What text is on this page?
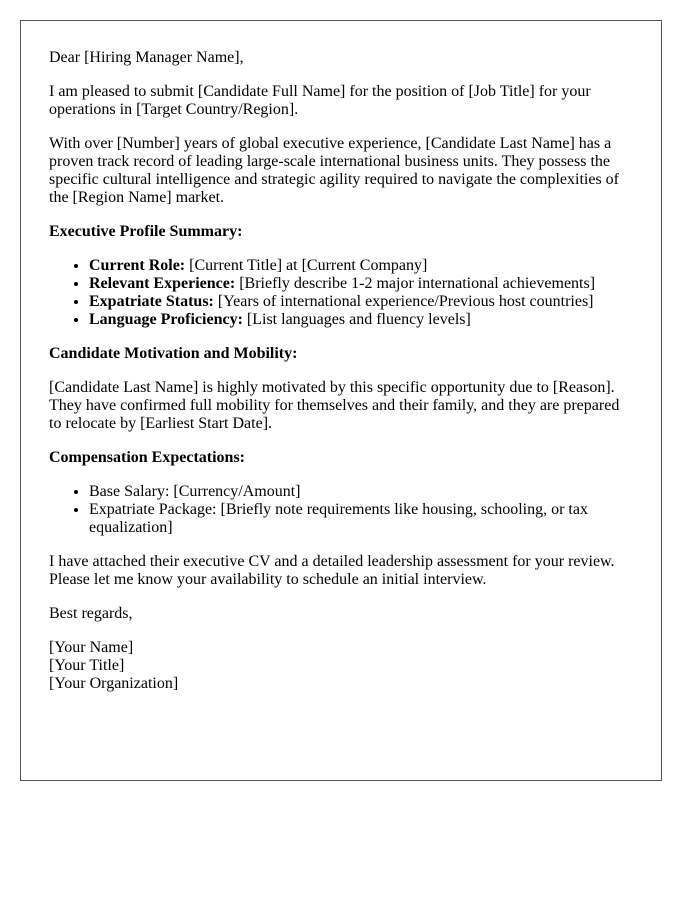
Dear [Hiring Manager Name],

I am pleased to submit [Candidate Full Name] for the position of [Job Title] for your operations in [Target Country/Region].

With over [Number] years of global executive experience, [Candidate Last Name] has a proven track record of leading large-scale international business units. They possess the specific cultural intelligence and strategic agility required to navigate the complexities of the [Region Name] market.

Executive Profile Summary:

• Current Role: [Current Title] at [Current Company]
• Relevant Experience: [Briefly describe 1-2 major international achievements]
• Expatriate Status: [Years of international experience/Previous host countries]
• Language Proficiency: [List languages and fluency levels]

Candidate Motivation and Mobility:

[Candidate Last Name] is highly motivated by this specific opportunity due to [Reason]. They have confirmed full mobility for themselves and their family, and they are prepared to relocate by [Earliest Start Date].

Compensation Expectations:

• Base Salary: [Currency/Amount]
• Expatriate Package: [Briefly note requirements like housing, schooling, or tax equalization]

I have attached their executive CV and a detailed leadership assessment for your review. Please let me know your availability to schedule an initial interview.

Best regards,

[Your Name]
[Your Title]
[Your Organization]
